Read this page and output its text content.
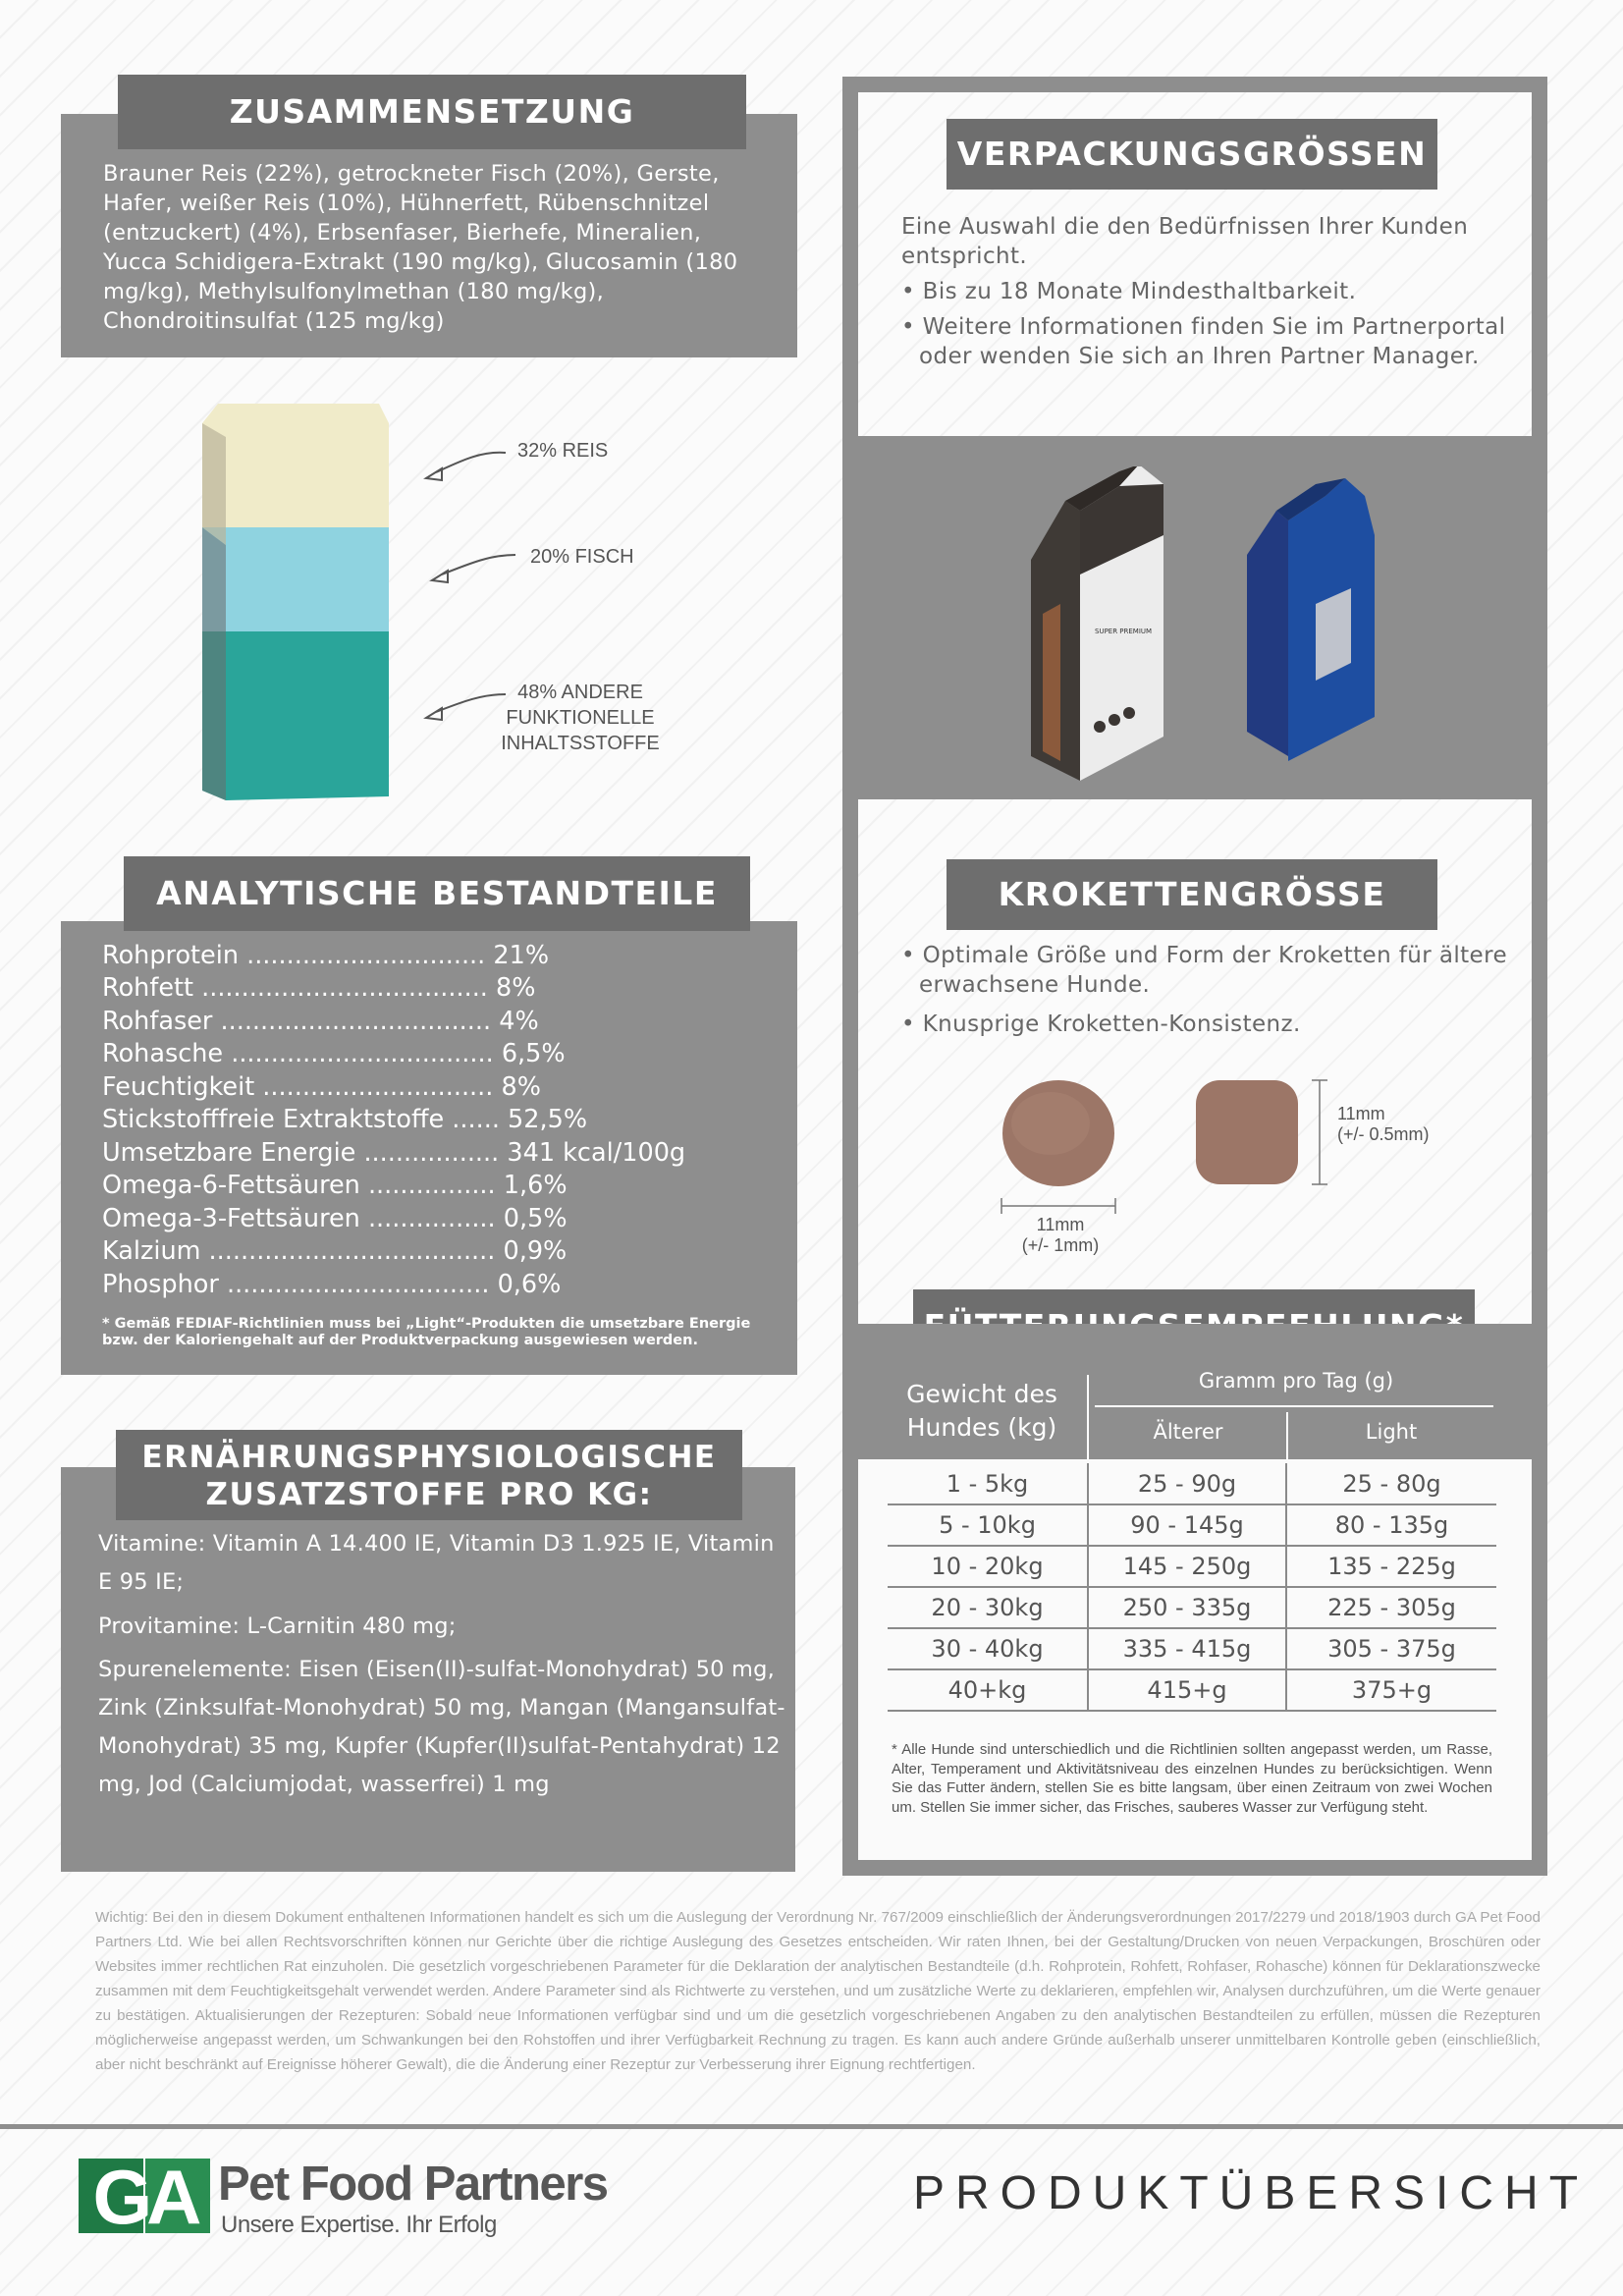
ZUSAMMENSETZUNG
Brauner Reis (22%), getrockneter Fisch (20%), Gerste, Hafer, weißer Reis (10%), Hühnerfett, Rübenschnitzel (entzuckert) (4%), Erbsenfaser, Bierhefe, Mineralien, Yucca Schidigera-Extrakt (190 mg/kg), Glucosamin (180 mg/kg), Methylsulfonylmethan (180 mg/kg), Chondroitinsulfat (125 mg/kg)
32% REIS
20% FISCH
48% ANDERE
FUNKTIONELLE
INHALTSSTOFFE
ANALYTISCHE BESTANDTEILE
Rohprotein .............................. 21%
Rohfett .................................... 8%
Rohfaser .................................. 4%
Rohasche ................................. 6,5%
Feuchtigkeit ............................. 8%
Stickstofffreie Extraktstoffe ...... 52,5%
Umsetzbare Energie ................. 341 kcal/100g
Omega-6-Fettsäuren ................ 1,6%
Omega-3-Fettsäuren ................ 0,5%
Kalzium .................................... 0,9%
Phosphor ................................. 0,6%
* Gemäß FEDIAF-Richtlinien muss bei „Light“-Produkten die umsetzbare Energie bzw. der Kaloriengehalt auf der Produktverpackung ausgewiesen werden.
ERNÄHRUNGSPHYSIOLOGISCHE
ZUSATZSTOFFE PRO KG:
Vitamine: Vitamin A 14.400 IE, Vitamin D3 1.925 IE, Vitamin E 95 IE;
Provitamine: L-Carnitin 480 mg;
Spurenelemente: Eisen (Eisen(II)-sulfat-Monohydrat) 50 mg, Zink (Zinksulfat-Monohydrat) 50 mg, Mangan (Mangansulfat-Monohydrat) 35 mg, Kupfer (Kupfer(II)sulfat-Pentahydrat) 12 mg, Jod (Calciumjodat, wasserfrei) 1 mg
VERPACKUNGSGRÖSSEN
Eine Auswahl die den Bedürfnissen Ihrer Kunden entspricht.
• Bis zu 18 Monate Mindesthaltbarkeit.
• Weitere Informationen finden Sie im Partnerportal oder wenden Sie sich an Ihren Partner Manager.
SUPER PREMIUM
KROKETTENGRÖSSE
• Optimale Größe und Form der Kroketten für ältere erwachsene Hunde.
• Knusprige Kroketten-Konsistenz.
11mm
(+/- 1mm)
11mm
(+/- 0.5mm)
Gewicht des Hundes (kg)
Gramm pro Tag (g)
Älterer	Light
1 - 5kg	25 - 90g	25 - 80g
5 - 10kg	90 - 145g	80 - 135g
10 - 20kg	145 - 250g	135 - 225g
20 - 30kg	250 - 335g	225 - 305g
30 - 40kg	335 - 415g	305 - 375g
40+kg	415+g	375+g
* Alle Hunde sind unterschiedlich und die Richtlinien sollten angepasst werden, um Rasse, Alter, Temperament und Aktivitätsniveau des einzelnen Hundes zu berücksichtigen. Wenn Sie das Futter ändern, stellen Sie es bitte langsam, über einen Zeitraum von zwei Wochen um. Stellen Sie immer sicher, das Frisches, sauberes Wasser zur Verfügung steht.
Wichtig: Bei den in diesem Dokument enthaltenen Informationen handelt es sich um die Auslegung der Verordnung Nr. 767/2009 einschließlich der Änderungsverordnungen 2017/2279 und 2018/1903 durch GA Pet Food Partners Ltd. Wie bei allen Rechtsvorschriften können nur Gerichte über die richtige Auslegung des Gesetzes entscheiden. Wir raten Ihnen, bei der Gestaltung/Drucken von neuen Verpackungen, Broschüren oder Websites immer rechtlichen Rat einzuholen. Die gesetzlich vorgeschriebenen Parameter für die Deklaration der analytischen Bestandteile (d.h. Rohprotein, Rohfett, Rohfaser, Rohasche) können für Deklarationszwecke zusammen mit dem Feuchtigkeitsgehalt verwendet werden. Andere Parameter sind als Richtwerte zu verstehen, und um zusätzliche Werte zu deklarieren, empfehlen wir, Analysen durchzuführen, um die Werte genauer zu bestätigen. Aktualisierungen der Rezepturen: Sobald neue Informationen verfügbar sind und um die gesetzlich vorgeschriebenen Angaben zu den analytischen Bestandteilen zu erfüllen, müssen die Rezepturen möglicherweise angepasst werden, um Schwankungen bei den Rohstoffen und ihrer Verfügbarkeit Rechnung zu tragen. Es kann auch andere Gründe außerhalb unserer unmittelbaren Kontrolle geben (einschließlich, aber nicht beschränkt auf Ereignisse höherer Gewalt), die die Änderung einer Rezeptur zur Verbesserung ihrer Eignung rechtfertigen.
GA Pet Food Partners
Unsere Expertise. Ihr Erfolg
PRODUKTÜBERSICHT
